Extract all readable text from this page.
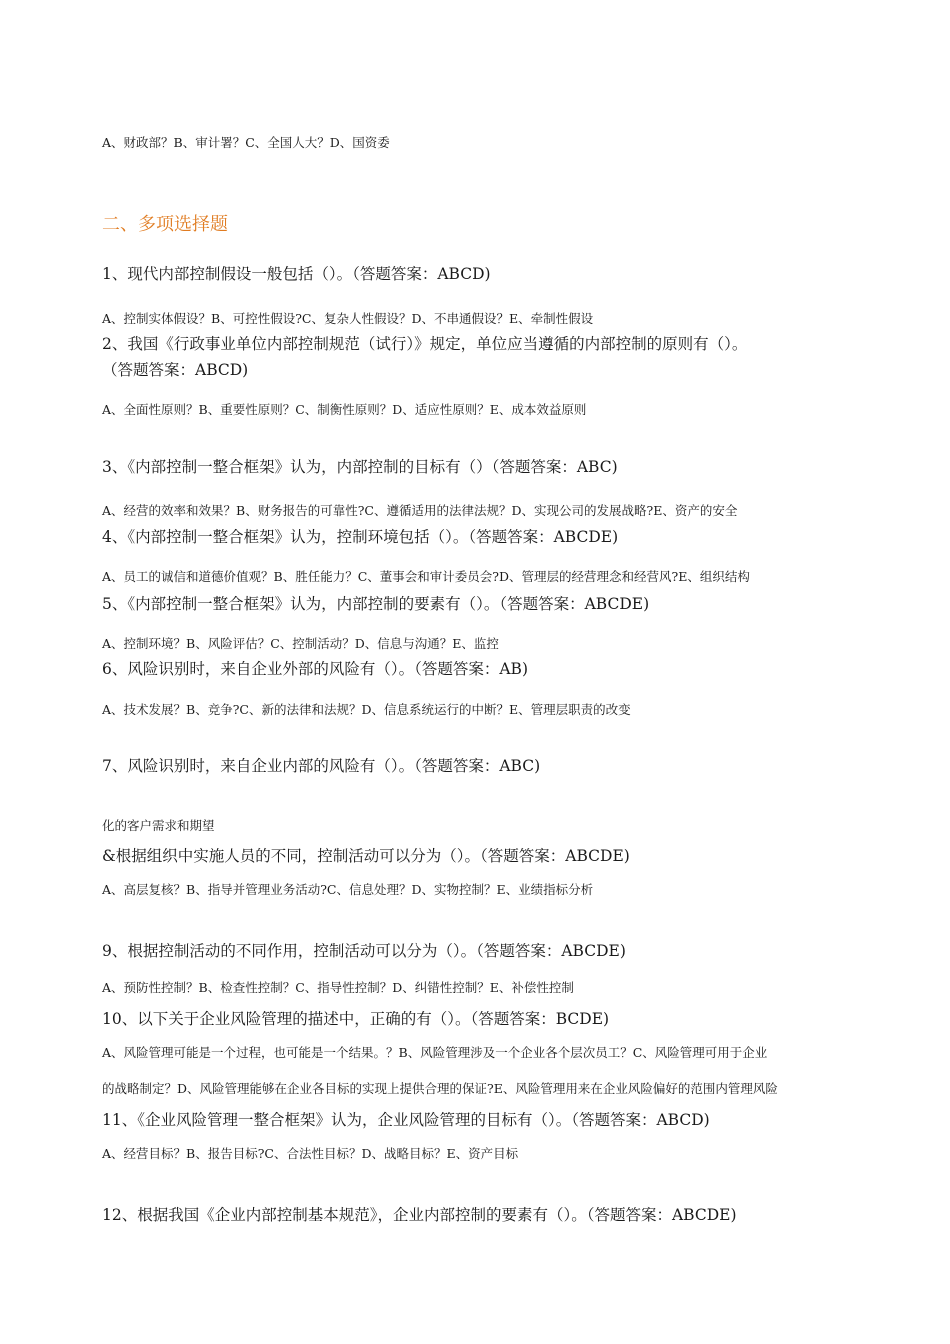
A、财政部？B、审计署？C、全国人大？D、国资委
二、多项选择题
1、现代内部控制假设一般包括（）。（答题答案：ABCD)
A、控制实体假设？B、可控性假设?C、复杂人性假设？D、不串通假设？E、牵制性假设
2、我国《行政事业单位内部控制规范（试行）》规定，单位应当遵循的内部控制的原则有（）。
（答题答案：ABCD)
A、全面性原则？B、重要性原则？C、制衡性原则？D、适应性原则？E、成本效益原则
3、《内部控制一整合框架》认为，内部控制的目标有（）（答题答案：ABC)
A、经营的效率和效果？B、财务报告的可靠性?C、遵循适用的法律法规？D、实现公司的发展战略?E、资产的安全
4、《内部控制一整合框架》认为，控制环境包括（）。（答题答案：ABCDE)
A、员工的诚信和道德价值观？B、胜任能力？C、董事会和审计委员会?D、管理层的经营理念和经营风?E、组织结构
5、《内部控制一整合框架》认为，内部控制的要素有（）。（答题答案：ABCDE)
A、控制环境？B、风险评估？C、控制活动？D、信息与沟通？E、监控
6、风险识别时，来自企业外部的风险有（）。（答题答案：AB)
A、技术发展？B、竞争?C、新的法律和法规？D、信息系统运行的中断？E、管理层职责的改变
7、风险识别时，来自企业内部的风险有（）。（答题答案：ABC)
化的客户需求和期望
&根据组织中实施人员的不同，控制活动可以分为（）。（答题答案：ABCDE)
A、高层复核？B、指导并管理业务活动?C、信息处理？D、实物控制？E、业绩指标分析
9、根据控制活动的不同作用，控制活动可以分为（）。（答题答案：ABCDE)
A、预防性控制？B、检查性控制？C、指导性控制？D、纠错性控制？E、补偿性控制
10、以下关于企业风险管理的描述中，正确的有（）。（答题答案：BCDE)
A、风险管理可能是一个过程，也可能是一个结果。？B、风险管理涉及一个企业各个层次员工？C、风险管理可用于企业
的战略制定？D、风险管理能够在企业各目标的实现上提供合理的保证?E、风险管理用来在企业风险偏好的范围内管理风险
11、《企业风险管理一整合框架》认为，企业风险管理的目标有（）。（答题答案：ABCD)
A、经营目标？B、报告目标?C、合法性目标？D、战略目标？E、资产目标
12、根据我国《企业内部控制基本规范》，企业内部控制的要素有（）。（答题答案：ABCDE)
